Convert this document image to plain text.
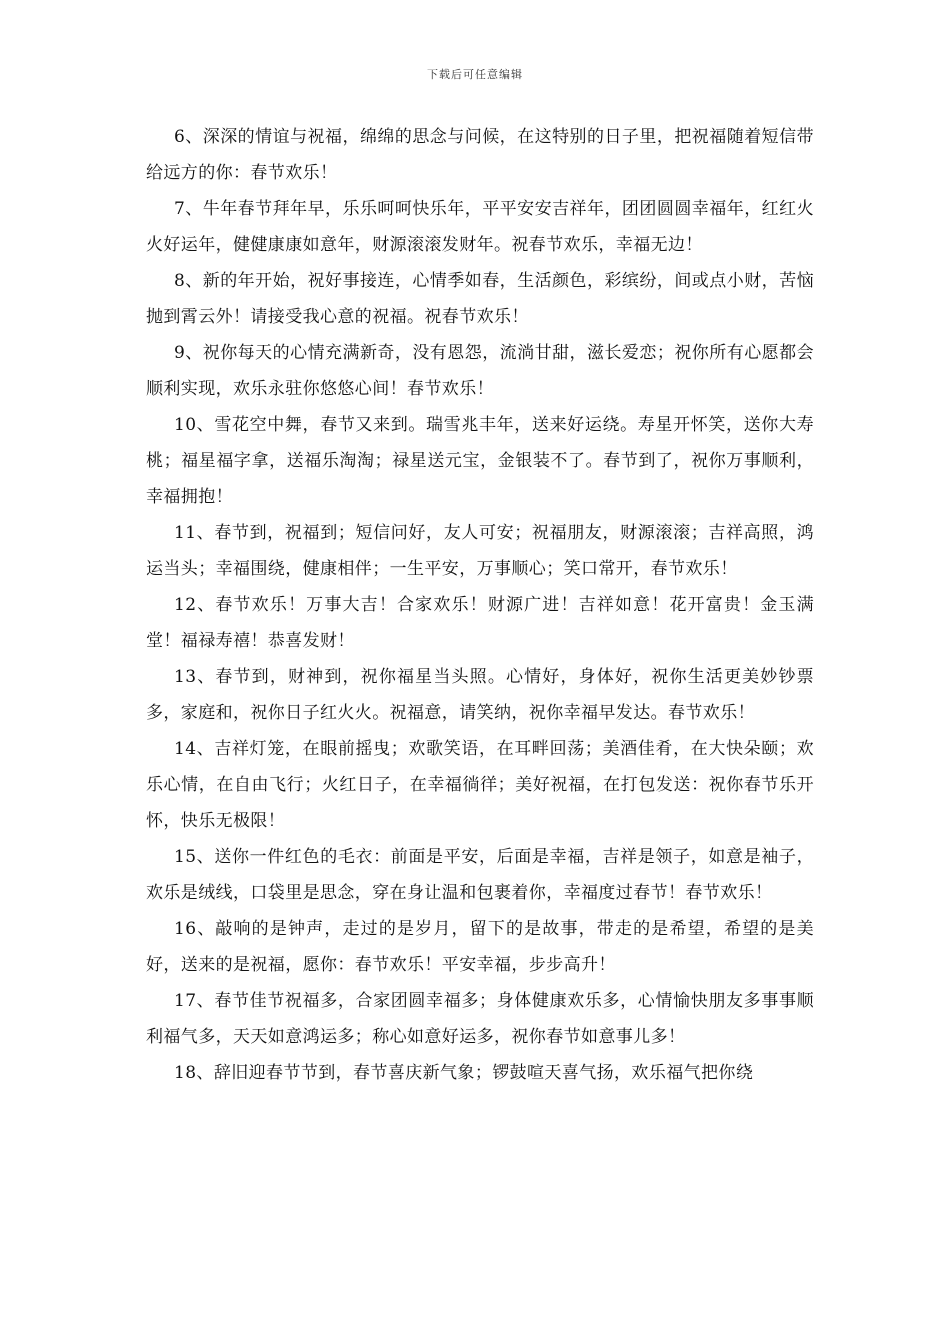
下载后可任意编辑

6、深深的情谊与祝福，绵绵的思念与问候，在这特别的日子里，把祝福随着短信带给远方的你：春节欢乐！

7、牛年春节拜年早，乐乐呵呵快乐年，平平安安吉祥年，团团圆圆幸福年，红红火火好运年，健健康康如意年，财源滚滚发财年。祝春节欢乐，幸福无边！

8、新的年开始，祝好事接连，心情季如春，生活颜色，彩缤纷，间或点小财，苦恼抛到霄云外！请接受我心意的祝福。祝春节欢乐！

9、祝你每天的心情充满新奇，没有恩怨，流淌甘甜，滋长爱恋；祝你所有心愿都会顺利实现，欢乐永驻你悠悠心间！春节欢乐！

10、雪花空中舞，春节又来到。瑞雪兆丰年，送来好运绕。寿星开怀笑，送你大寿桃；福星福字拿，送福乐淘淘；禄星送元宝，金银装不了。春节到了，祝你万事顺利，幸福拥抱！

11、春节到，祝福到；短信问好，友人可安；祝福朋友，财源滚滚；吉祥高照，鸿运当头；幸福围绕，健康相伴；一生平安，万事顺心；笑口常开，春节欢乐！

12、春节欢乐！万事大吉！合家欢乐！财源广进！吉祥如意！花开富贵！金玉满堂！福禄寿禧！恭喜发财！

13、春节到，财神到，祝你福星当头照。心情好，身体好，祝你生活更美妙钞票多，家庭和，祝你日子红火火。祝福意，请笑纳，祝你幸福早发达。春节欢乐！

14、吉祥灯笼，在眼前摇曳；欢歌笑语，在耳畔回荡；美酒佳肴，在大快朵颐；欢乐心情，在自由飞行；火红日子，在幸福徜徉；美好祝福，在打包发送：祝你春节乐开怀，快乐无极限！

15、送你一件红色的毛衣：前面是平安，后面是幸福，吉祥是领子，如意是袖子，欢乐是绒线，口袋里是思念，穿在身让温和包裹着你，幸福度过春节！春节欢乐！

16、敲响的是钟声，走过的是岁月，留下的是故事，带走的是希望，希望的是美好，送来的是祝福，愿你：春节欢乐！平安幸福，步步高升！

17、春节佳节祝福多，合家团圆幸福多；身体健康欢乐多，心情愉快朋友多事事顺利福气多，天天如意鸿运多；称心如意好运多，祝你春节如意事儿多！

18、辞旧迎春节节到，春节喜庆新气象；锣鼓喧天喜气扬，欢乐福气把你绕
